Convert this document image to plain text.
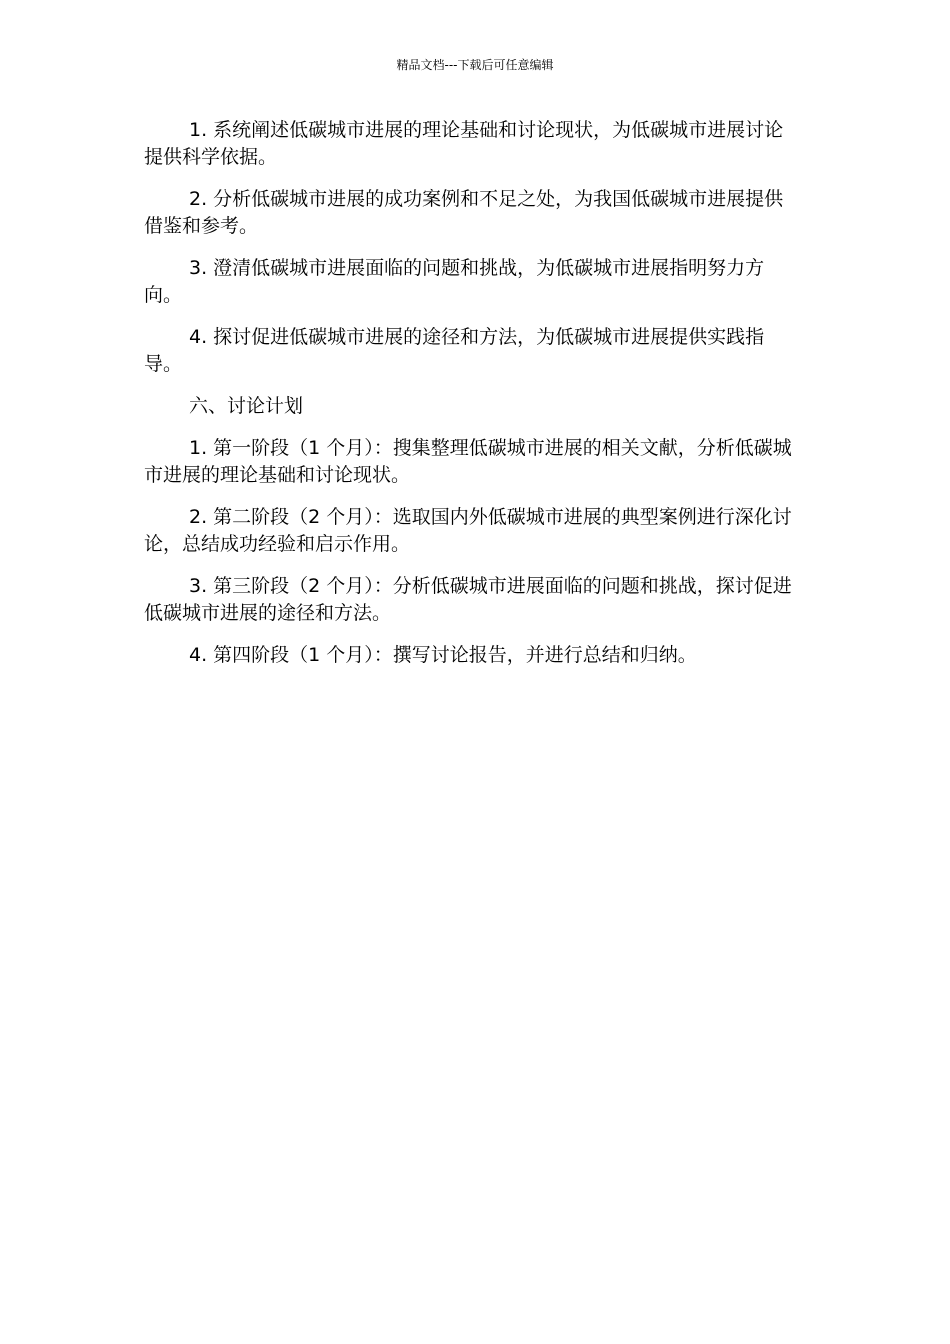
精品文档---下载后可任意编辑

1. 系统阐述低碳城市进展的理论基础和讨论现状，为低碳城市进展讨论提供科学依据。

2. 分析低碳城市进展的成功案例和不足之处，为我国低碳城市进展提供借鉴和参考。

3. 澄清低碳城市进展面临的问题和挑战，为低碳城市进展指明努力方向。

4. 探讨促进低碳城市进展的途径和方法，为低碳城市进展提供实践指导。

六、讨论计划

1. 第一阶段（1 个月）：搜集整理低碳城市进展的相关文献，分析低碳城市进展的理论基础和讨论现状。

2. 第二阶段（2 个月）：选取国内外低碳城市进展的典型案例进行深化讨论，总结成功经验和启示作用。

3. 第三阶段（2 个月）：分析低碳城市进展面临的问题和挑战，探讨促进低碳城市进展的途径和方法。

4. 第四阶段（1 个月）：撰写讨论报告，并进行总结和归纳。
